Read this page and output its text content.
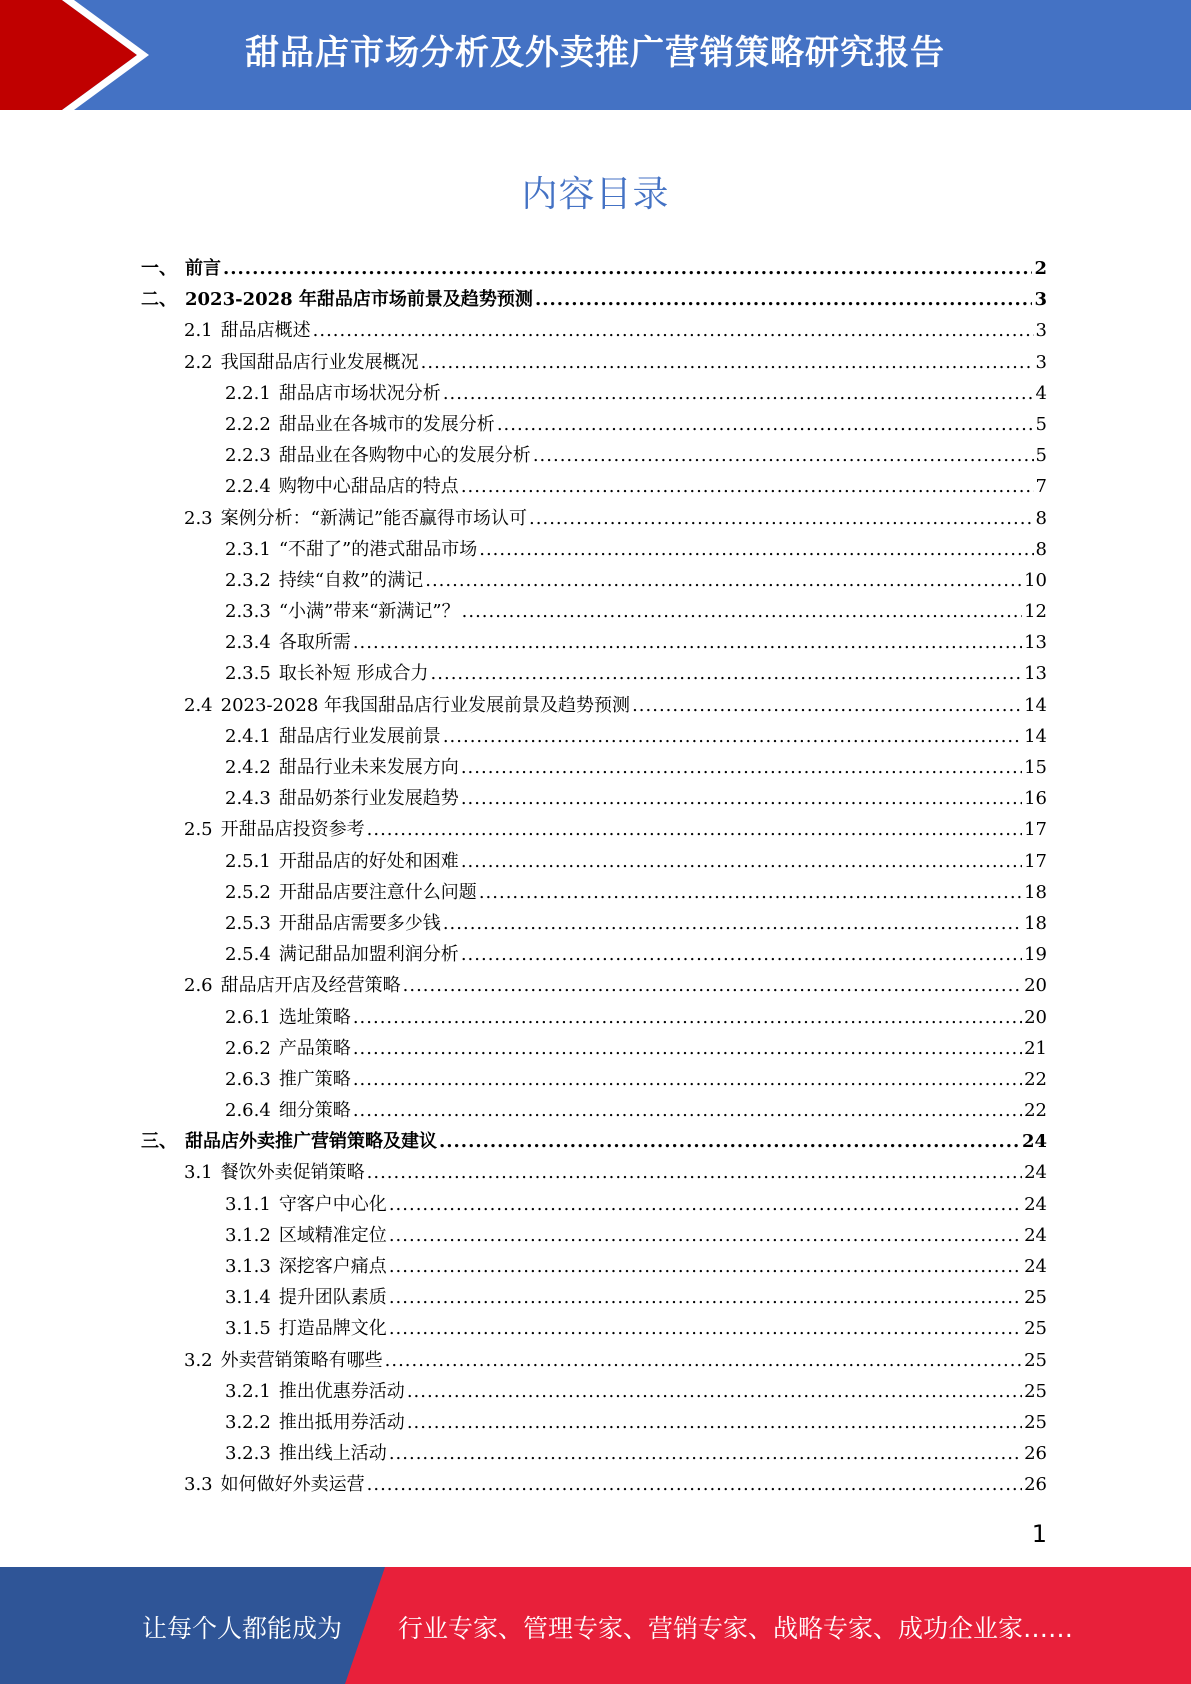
甜品店市场分析及外卖推广营销策略研究报告
内容目录
一、 前言 .....	2
二、 2023-2028 年甜品店市场前景及趋势预测 .....	3
2.1 甜品店概述 .....	3
2.2 我国甜品店行业发展概况 .....	3
2.2.1 甜品店市场状况分析 .....	4
2.2.2 甜品业在各城市的发展分析 .....	5
2.2.3 甜品业在各购物中心的发展分析 .....	5
2.2.4 购物中心甜品店的特点 .....	7
2.3 案例分析：“新满记”能否赢得市场认可 .....	8
2.3.1 “不甜了”的港式甜品市场 .....	8
2.3.2 持续“自救”的满记 .....	10
2.3.3 “小满”带来“新满记”？ .....	12
2.3.4 各取所需 .....	13
2.3.5 取长补短 形成合力 .....	13
2.4 2023-2028 年我国甜品店行业发展前景及趋势预测 .....	14
2.4.1 甜品店行业发展前景 .....	14
2.4.2 甜品行业未来发展方向 .....	15
2.4.3 甜品奶茶行业发展趋势 .....	16
2.5 开甜品店投资参考 .....	17
2.5.1 开甜品店的好处和困难 .....	17
2.5.2 开甜品店要注意什么问题 .....	18
2.5.3 开甜品店需要多少钱 .....	18
2.5.4 满记甜品加盟利润分析 .....	19
2.6 甜品店开店及经营策略 .....	20
2.6.1 选址策略 .....	20
2.6.2 产品策略 .....	21
2.6.3 推广策略 .....	22
2.6.4 细分策略 .....	22
三、 甜品店外卖推广营销策略及建议 .....	24
3.1 餐饮外卖促销策略 .....	24
3.1.1 守客户中心化 .....	24
3.1.2 区域精准定位 .....	24
3.1.3 深挖客户痛点 .....	24
3.1.4 提升团队素质 .....	25
3.1.5 打造品牌文化 .....	25
3.2 外卖营销策略有哪些 .....	25
3.2.1 推出优惠券活动 .....	25
3.2.2 推出抵用券活动 .....	25
3.2.3 推出线上活动 .....	26
3.3 如何做好外卖运营 .....	26
1
让每个人都能成为 行业专家、管理专家、营销专家、战略专家、成功企业家……
